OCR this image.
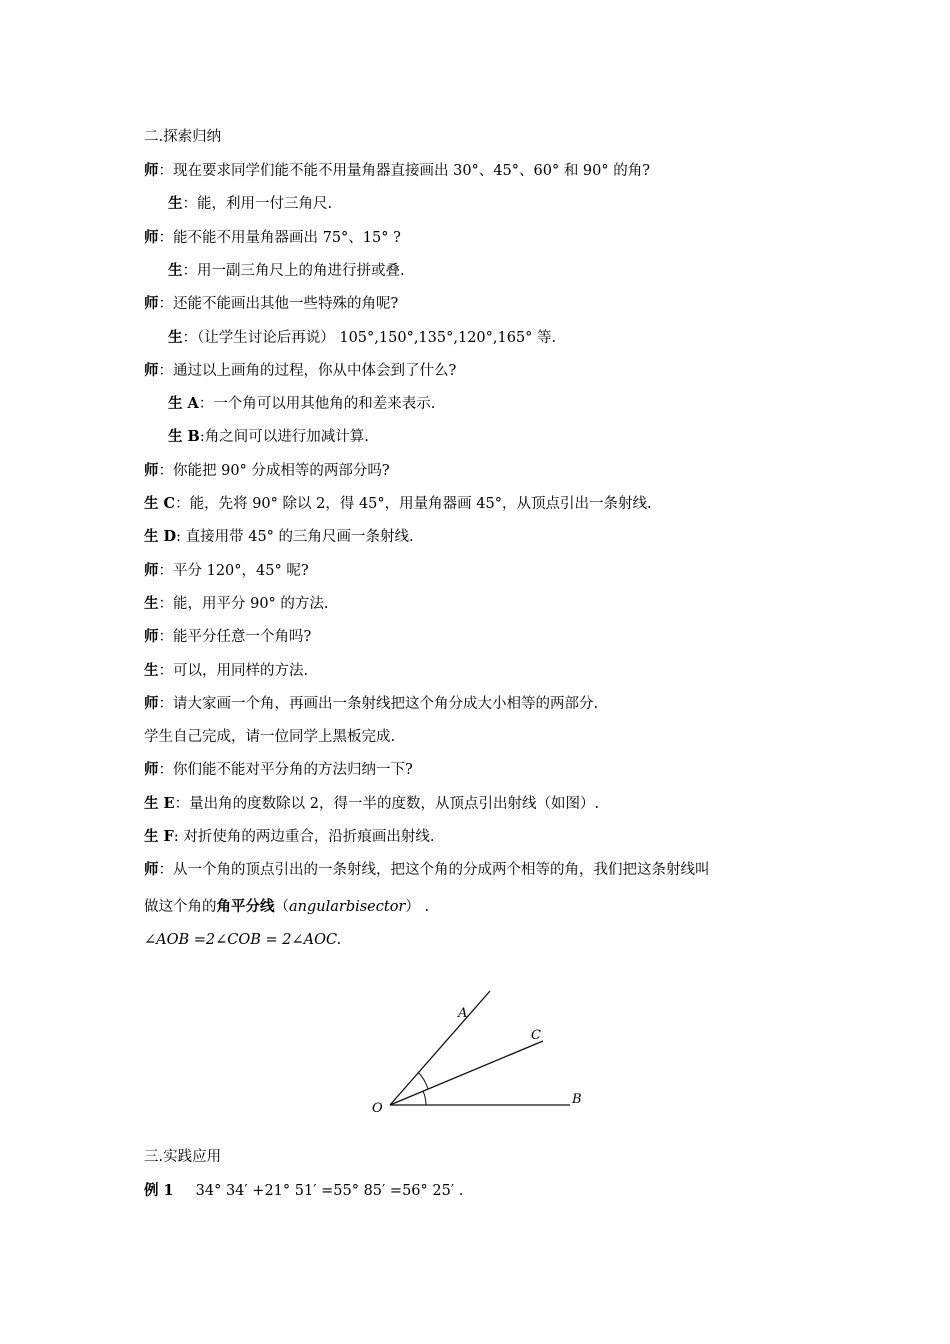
二.探索归纳
师：现在要求同学们能不能不用量角器直接画出 30°、45°、60° 和 90° 的角?
生：能，利用一付三角尺.
师：能不能不用量角器画出 75°、15° ?
生：用一副三角尺上的角进行拼或叠.
师：还能不能画出其他一些特殊的角呢?
生：（让学生讨论后再说） 105°,150°,135°,120°,165° 等.
师：通过以上画角的过程，你从中体会到了什么?
生 A：一个角可以用其他角的和差来表示.
生 B:角之间可以进行加减计算.
师：你能把 90° 分成相等的两部分吗?
生 C：能，先将 90° 除以 2，得 45°，用量角器画 45°，从顶点引出一条射线.
生 D: 直接用带 45° 的三角尺画一条射线.
师：平分 120°，45° 呢?
生：能，用平分 90° 的方法.
师：能平分任意一个角吗?
生：可以，用同样的方法.
师：请大家画一个角，再画出一条射线把这个角分成大小相等的两部分.
学生自己完成，请一位同学上黑板完成.
师：你们能不能对平分角的方法归纳一下?
生 E：量出角的度数除以 2，得一半的度数，从顶点引出射线（如图）.
生 F: 对折使角的两边重合，沿折痕画出射线.
师：从一个角的顶点引出的一条射线，把这个角的分成两个相等的角，我们把这条射线叫
做这个角的角平分线（angularbisector） .
∠AOB =2∠COB = 2∠AOC.
A
C
B
O
三.实践应用
例 1 34° 34′ +21° 51′ =55° 85′ =56° 25′ .
